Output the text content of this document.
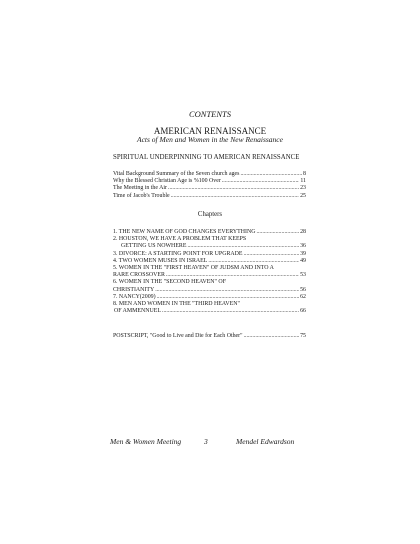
CONTENTS
AMERICAN RENAISSANCE
Acts of Men and Women in the New Renaissance
SPIRITUAL UNDERPINNING TO AMERICAN RENAISSANCE
Vital Background Summary of the Seven church ages .....	8
Why the Blessed Christian Age is %100 Over .....	11
The Meeting in the Air .....	23
Time of Jacob's Trouble .....	25
Chapters
1. THE NEW NAME OF GOD CHANGES EVERYTHING .....	28
2. HOUSTON, WE HAVE A PROBLEM THAT KEEPS
GETTING US NOWHERE .....	36
3. DIVORCE: A STARTING POINT FOR UPGRADE .....	39
4. TWO WOMEN MUSES IN ISRAEL .....	49
5. WOMEN IN THE "FIRST HEAVEN" OF JUDSM AND INTO A
RARE CROSSOVER .....	53
6. WOMEN IN THE "SECOND HEAVEN" OF
CHRISTIANITY .....	56
7. NANCY(2009) .....	62
8. MEN AND WOMEN IN THE "THIRD HEAVEN"
OF AMMENNUEL .....	66
POSTSCRIPT, "Good to Live and Die for Each Other" .....	75
Men & Women Meeting	3	Mendel Edwardson
